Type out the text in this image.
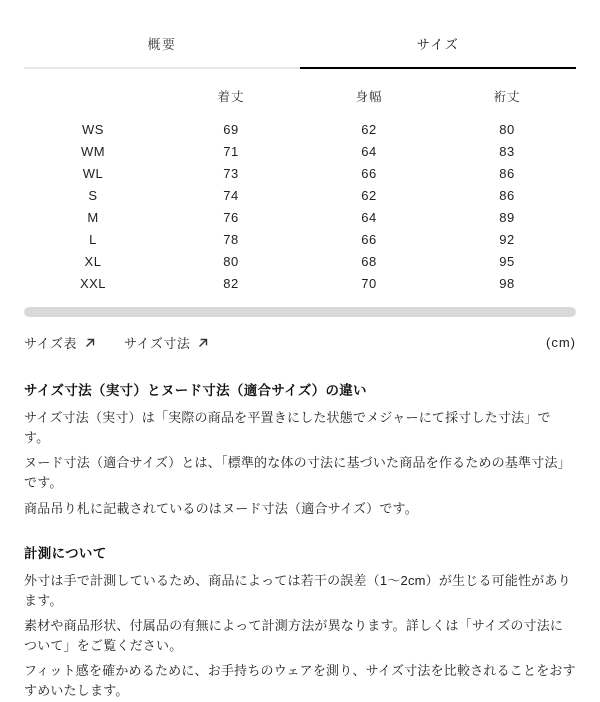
概要	サイズ
	着丈	身幅	裄丈
WS	69	62	80
WM	71	64	83
WL	73	66	86
S	74	62	86
M	76	64	89
L	78	66	92
XL	80	68	95
XXL	82	70	98
サイズ表	サイズ寸法	(cm)
サイズ寸法（実寸）とヌード寸法（適合サイズ）の違い

サイズ寸法（実寸）は「実際の商品を平置きにした状態でメジャーにて採寸した寸法」です。

ヌード寸法（適合サイズ）とは、「標準的な体の寸法に基づいた商品を作るための基準寸法」です。

商品吊り札に記載されているのはヌード寸法（適合サイズ）です。

計測について

外寸は手で計測しているため、商品によっては若干の誤差（1～2cm）が生じる可能性があります。

素材や商品形状、付属品の有無によって計測方法が異なります。詳しくは「サイズの寸法について」をご覧ください。

フィット感を確かめるために、お手持ちのウェアを測り、サイズ寸法を比較されることをおすすめいたします。
